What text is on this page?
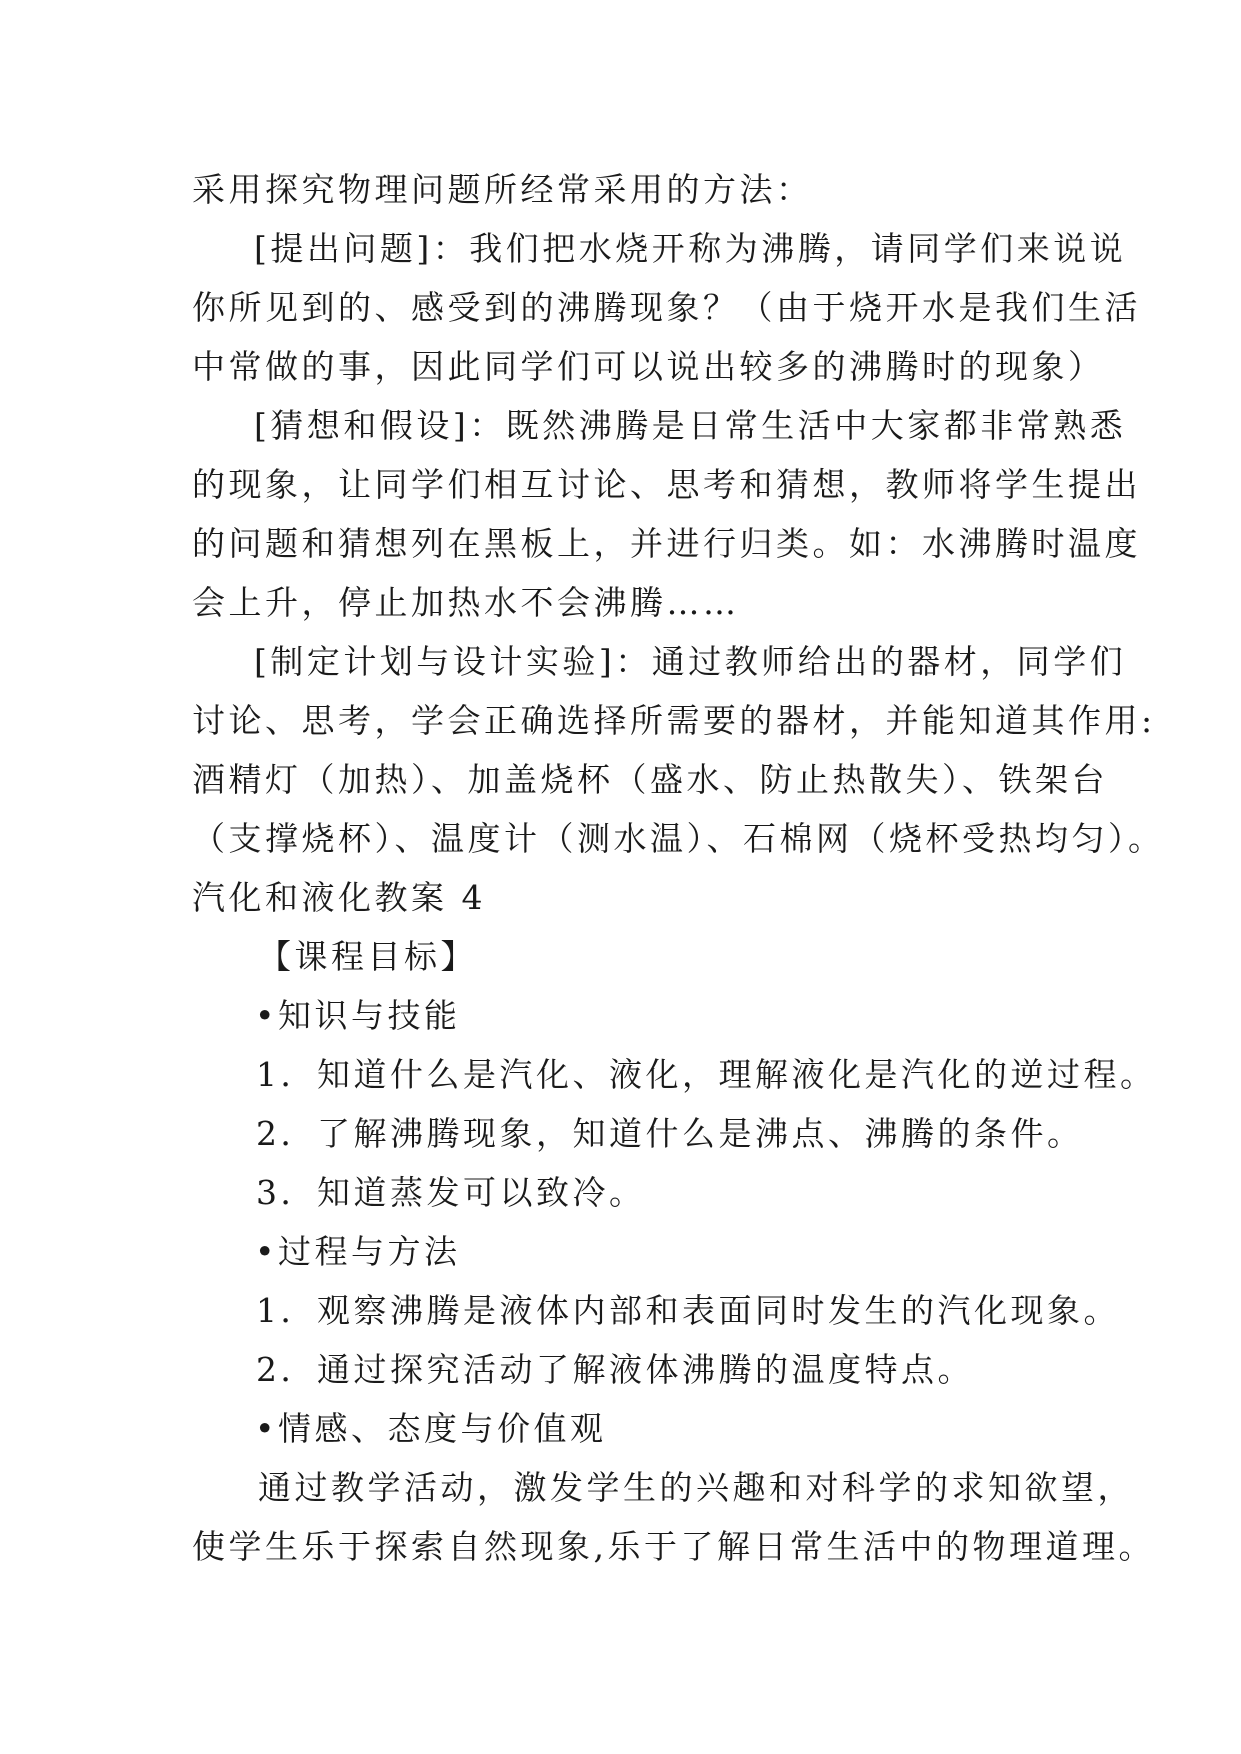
采用探究物理问题所经常采用的方法：
[提出问题]：我们把水烧开称为沸腾，请同学们来说说
你所见到的、感受到的沸腾现象？（由于烧开水是我们生活
中常做的事，因此同学们可以说出较多的沸腾时的现象）
[猜想和假设]：既然沸腾是日常生活中大家都非常熟悉
的现象，让同学们相互讨论、思考和猜想，教师将学生提出
的问题和猜想列在黑板上，并进行归类。如：水沸腾时温度
会上升，停止加热水不会沸腾……
[制定计划与设计实验]：通过教师给出的器材，同学们
讨论、思考，学会正确选择所需要的器材，并能知道其作用:
酒精灯（加热）、加盖烧杯（盛水、防止热散失）、铁架台
（支撑烧杯）、温度计（测水温）、石棉网（烧杯受热均匀）。
汽化和液化教案 4
【课程目标】
•知识与技能
1．知道什么是汽化、液化，理解液化是汽化的逆过程。
2．了解沸腾现象，知道什么是沸点、沸腾的条件。
3．知道蒸发可以致冷。
•过程与方法
1．观察沸腾是液体内部和表面同时发生的汽化现象。
2．通过探究活动了解液体沸腾的温度特点。
•情感、态度与价值观
通过教学活动，激发学生的兴趣和对科学的求知欲望，
使学生乐于探索自然现象,乐于了解日常生活中的物理道理。
